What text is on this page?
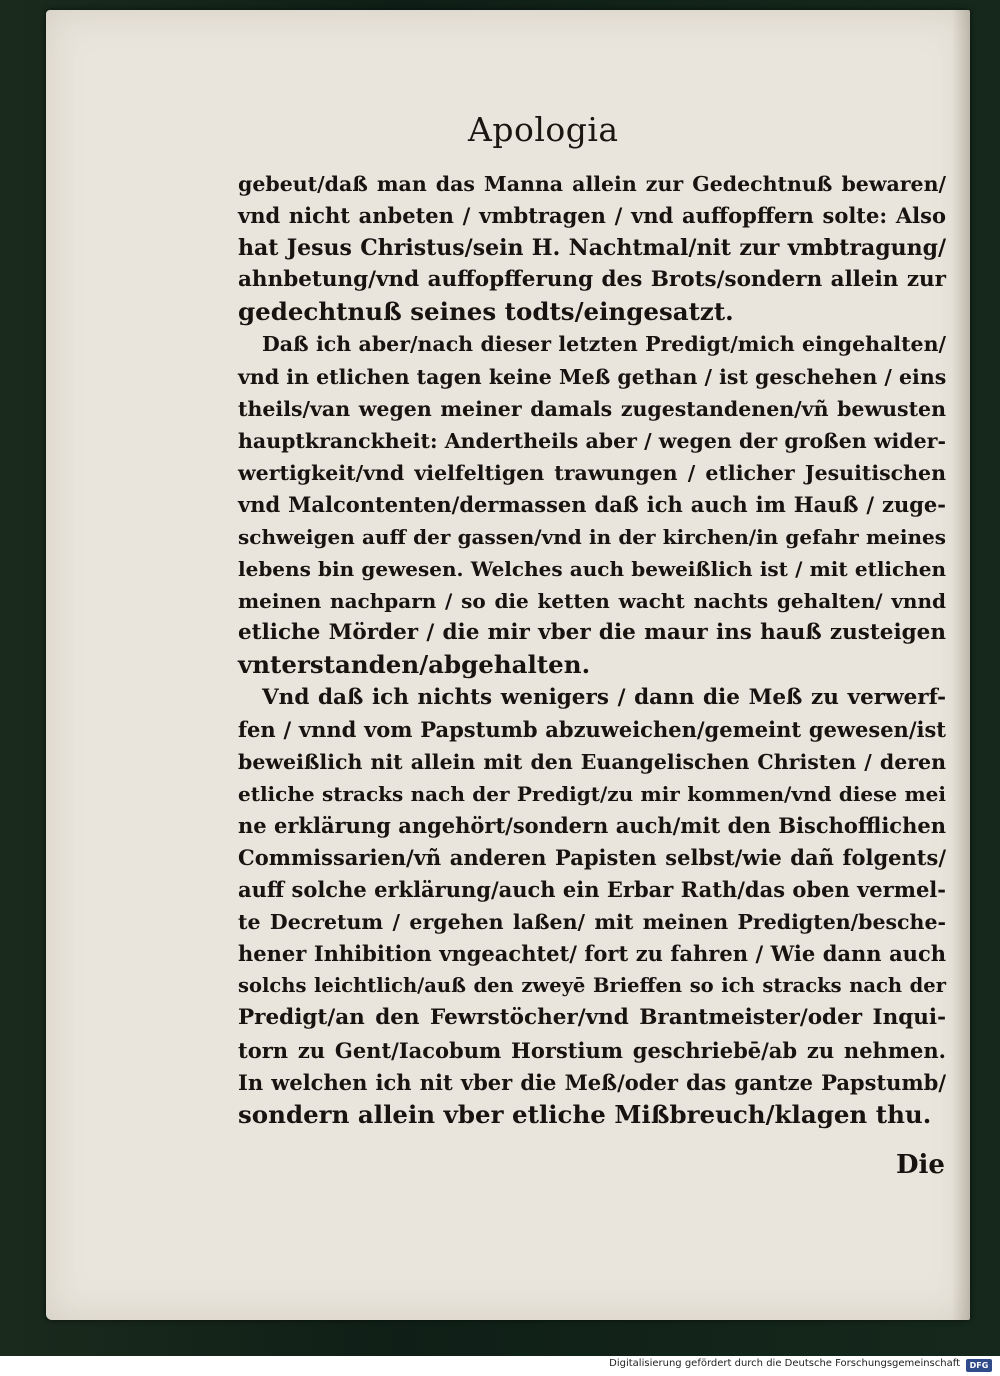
Apologia
gebeut/daß man das Manna allein zur Gedechtnuß bewaren/
vnd nicht anbeten / vmbtragen / vnd auffopffern solte: Also
hat Jesus Christus/sein H. Nachtmal/nit zur vmbtragung/
ahnbetung/vnd auffopfferung des Brots/sondern allein zur
gedechtnuß seines todts/eingesatzt.
Daß ich aber/nach dieser letzten Predigt/mich eingehalten/
vnd in etlichen tagen keine Meß gethan / ist geschehen / eins
theils/van wegen meiner damals zugestandenen/vñ bewusten
hauptkranckheit: Andertheils aber / wegen der großen wider-
wertigkeit/vnd vielfeltigen trawungen / etlicher Jesuitischen
vnd Malcontenten/dermassen daß ich auch im Hauß / zuge-
schweigen auff der gassen/vnd in der kirchen/in gefahr meines
lebens bin gewesen. Welches auch beweißlich ist / mit etlichen
meinen nachparn / so die ketten wacht nachts gehalten/ vnnd
etliche Mörder / die mir vber die maur ins hauß zusteigen
vnterstanden/abgehalten.
Vnd daß ich nichts wenigers / dann die Meß zu verwerf-
fen / vnnd vom Papstumb abzuweichen/gemeint gewesen/ist
beweißlich nit allein mit den Euangelischen Christen / deren
etliche stracks nach der Predigt/zu mir kommen/vnd diese mei
ne erklärung angehört/sondern auch/mit den Bischofflichen
Commissarien/vñ anderen Papisten selbst/wie dañ folgents/
auff solche erklärung/auch ein Erbar Rath/das oben vermel-
te Decretum / ergehen laßen/ mit meinen Predigten/besche-
hener Inhibition vngeachtet/ fort zu fahren / Wie dann auch
solchs leichtlich/auß den zweyē Brieffen so ich stracks nach der
Predigt/an den Fewrstöcher/vnd Brantmeister/oder Inqui-
torn zu Gent/Iacobum Horstium geschriebē/ab zu nehmen.
In welchen ich nit vber die Meß/oder das gantze Papstumb/
sondern allein vber etliche Mißbreuch/klagen thu.
Die
Digitalisierung gefördert durch die Deutsche Forschungsgemeinschaft	DFG
